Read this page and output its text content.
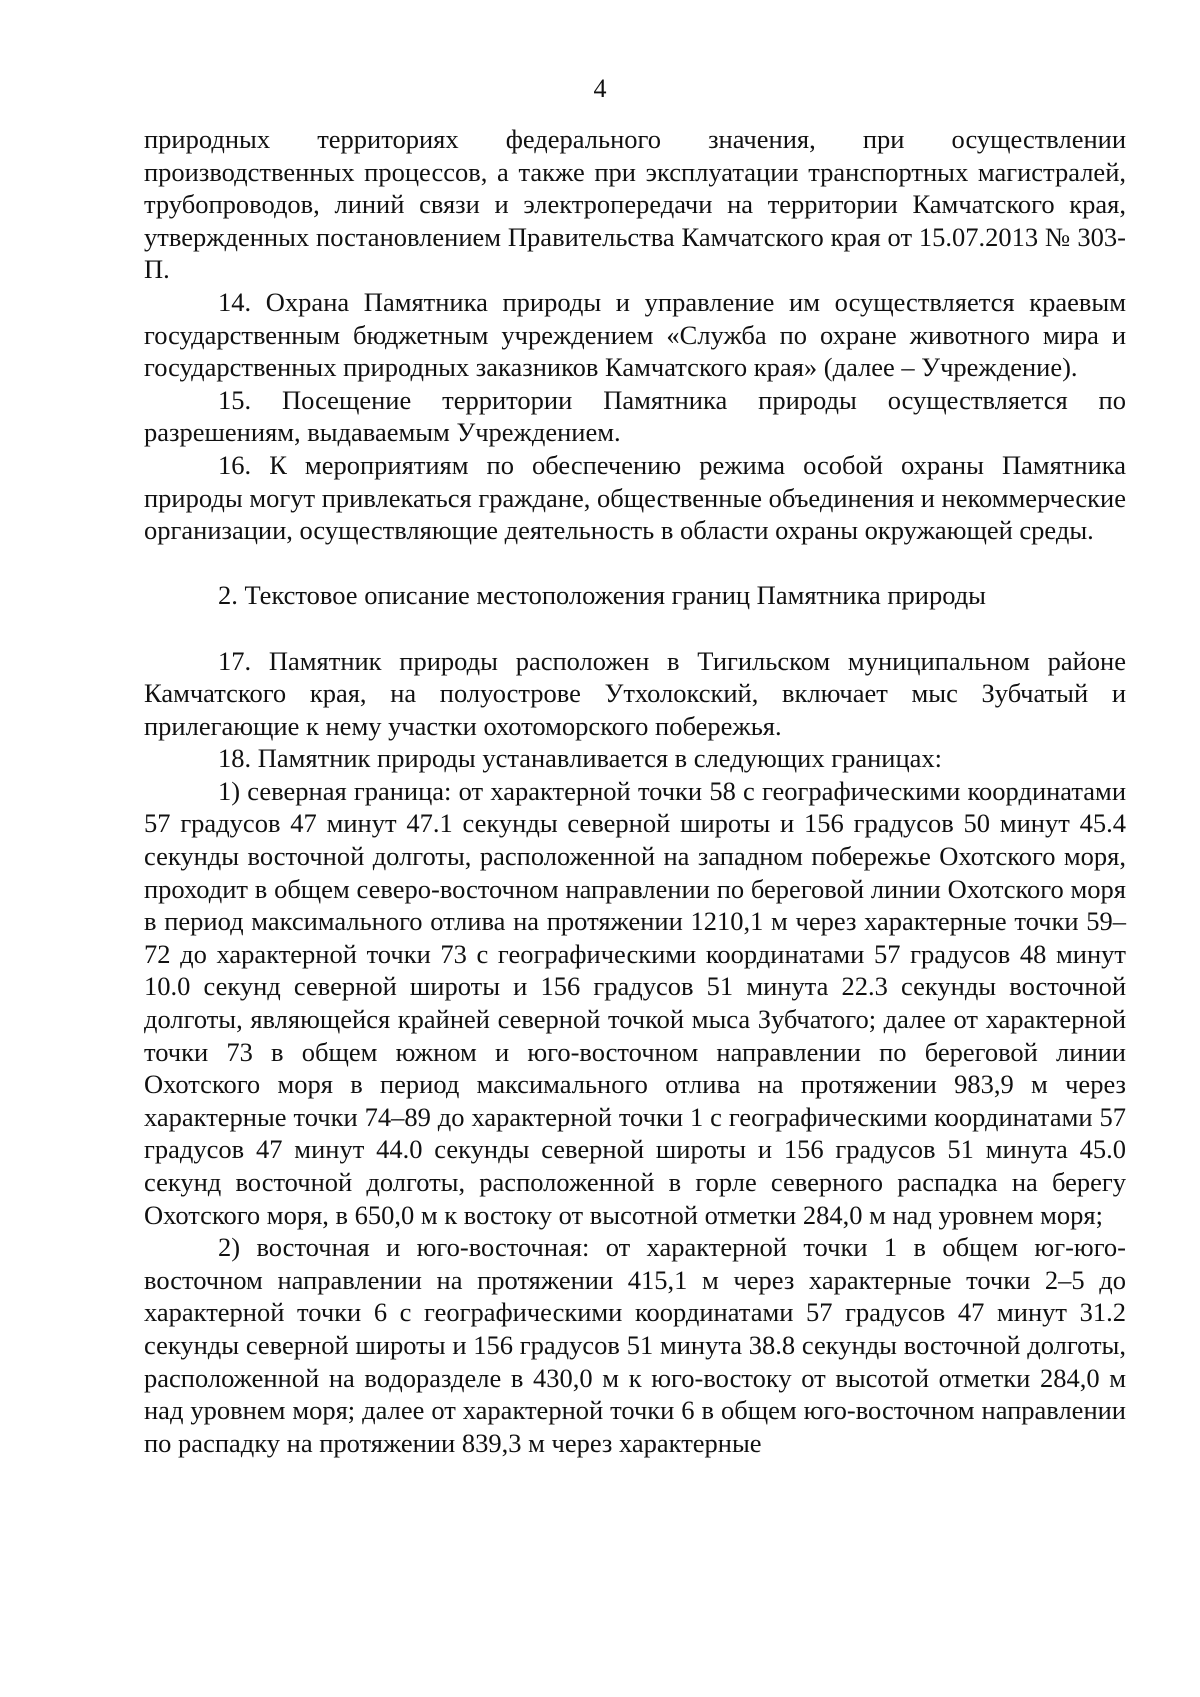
4

природных территориях федерального значения, при осуществлении производственных процессов, а также при эксплуатации транспортных магистралей, трубопроводов, линий связи и электропередачи на территории Камчатского края, утвержденных постановлением Правительства Камчатского края от 15.07.2013 № 303-П.

14. Охрана Памятника природы и управление им осуществляется краевым государственным бюджетным учреждением «Служба по охране животного мира и государственных природных заказников Камчатского края» (далее – Учреждение).

15. Посещение территории Памятника природы осуществляется по разрешениям, выдаваемым Учреждением.

16. К мероприятиям по обеспечению режима особой охраны Памятника природы могут привлекаться граждане, общественные объединения и некоммерческие организации, осуществляющие деятельность в области охраны окружающей среды.

2. Текстовое описание местоположения границ Памятника природы

17. Памятник природы расположен в Тигильском муниципальном районе Камчатского края, на полуострове Утхолокский, включает мыс Зубчатый и прилегающие к нему участки охотоморского побережья.

18. Памятник природы устанавливается в следующих границах:

1) северная граница: от характерной точки 58 с географическими координатами 57 градусов 47 минут 47.1 секунды северной широты и 156 градусов 50 минут 45.4 секунды восточной долготы, расположенной на западном побережье Охотского моря, проходит в общем северо-восточном направлении по береговой линии Охотского моря в период максимального отлива на протяжении 1210,1 м через характерные точки 59–72 до характерной точки 73 с географическими координатами 57 градусов 48 минут 10.0 секунд северной широты и 156 градусов 51 минута 22.3 секунды восточной долготы, являющейся крайней северной точкой мыса Зубчатого; далее от характерной точки 73 в общем южном и юго-восточном направлении по береговой линии Охотского моря в период максимального отлива на протяжении 983,9 м через характерные точки 74–89 до характерной точки 1 с географическими координатами 57 градусов 47 минут 44.0 секунды северной широты и 156 градусов 51 минута 45.0 секунд восточной долготы, расположенной в горле северного распадка на берегу Охотского моря, в 650,0 м к востоку от высотной отметки 284,0 м над уровнем моря;

2) восточная и юго-восточная: от характерной точки 1 в общем юг-юго-восточном направлении на протяжении 415,1 м через характерные точки 2–5 до характерной точки 6 с географическими координатами 57 градусов 47 минут 31.2 секунды северной широты и 156 градусов 51 минута 38.8 секунды восточной долготы, расположенной на водоразделе в 430,0 м к юго-востоку от высотой отметки 284,0 м над уровнем моря; далее от характерной точки 6 в общем юго-восточном направлении по распадку на протяжении 839,3 м через характерные
